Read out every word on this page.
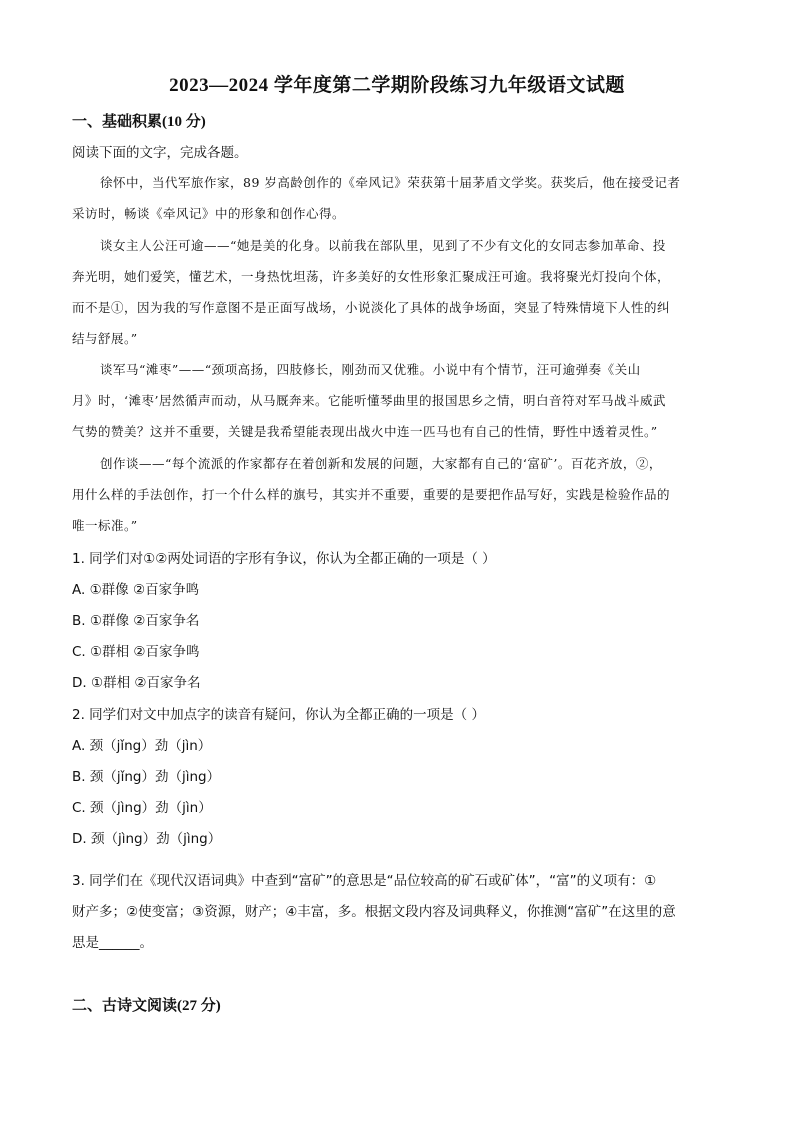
2023—2024 学年度第二学期阶段练习九年级语文试题
一、基础积累(10 分)
阅读下面的文字，完成各题。
徐怀中，当代军旅作家，89 岁高龄创作的《牵风记》荣获第十届茅盾文学奖。获奖后，他在接受记者
采访时，畅谈《牵风记》中的形象和创作心得。
谈女主人公汪可逾——“她是美的化身。以前我在部队里，见到了不少有文化的女同志参加革命、投
奔光明，她们爱笑，懂艺术，一身热忱坦荡，许多美好的女性形象汇聚成汪可逾。我将聚光灯投向个体，
而不是①，因为我的写作意图不是正面写战场，小说淡化了具体的战争场面，突显了特殊情境下人性的纠
结与舒展。”
谈军马“滩枣”——“颈项高扬，四肢修长，刚劲而又优雅。小说中有个情节，汪可逾弹奏《关山
月》时，‘滩枣’居然循声而动，从马厩奔来。它能听懂琴曲里的报国思乡之情，明白音符对军马战斗威武
气势的赞美？这并不重要，关键是我希望能表现出战火中连一匹马也有自己的性情，野性中透着灵性。”
创作谈——“每个流派的作家都存在着创新和发展的问题，大家都有自己的‘富矿’。百花齐放，②，
用什么样的手法创作，打一个什么样的旗号，其实并不重要，重要的是要把作品写好，实践是检验作品的
唯一标准。”
1. 同学们对①②两处词语的字形有争议，你认为全都正确的一项是（ ）
A. ①群像 ②百家争鸣
B. ①群像 ②百家争名
C. ①群相 ②百家争鸣
D. ①群相 ②百家争名
2. 同学们对文中加点字的读音有疑问，你认为全都正确的一项是（ ）
A. 颈（jǐng）劲（jìn）
B. 颈（jǐng）劲（jìng）
C. 颈（jìng）劲（jìn）
D. 颈（jìng）劲（jìng）
3. 同学们在《现代汉语词典》中查到“富矿”的意思是“品位较高的矿石或矿体”，“富”的义项有：①
财产多；②使变富；③资源，财产；④丰富，多。根据文段内容及词典释义，你推测“富矿”在这里的意
思是______。
二、古诗文阅读(27 分)
